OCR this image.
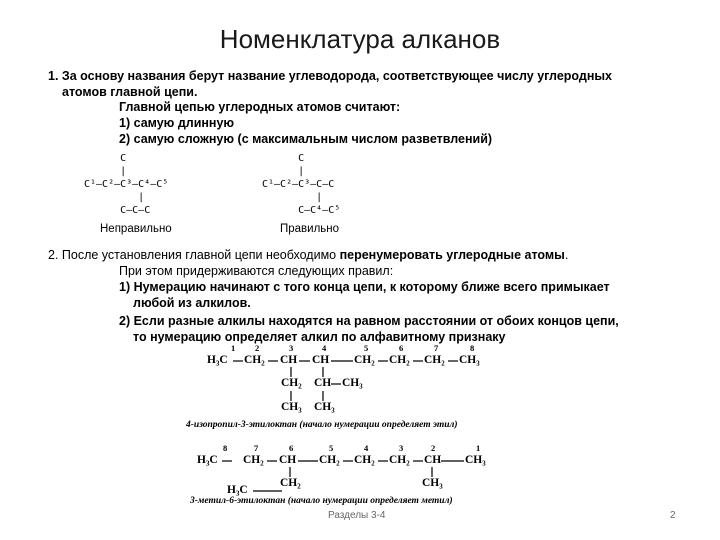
Номенклатура алканов
1. За основу названия берут название углеводорода, соответствующее числу углеродных
атомов главной цепи.
Главной цепью углеродных атомов считают:
1) самую длинную
2) самую сложную (с максимальным числом разветвлений)
C
|
C¹—C²—C³—C⁴—C⁵
|
C—C—C
Неправильно
C
|
C¹—C²—C³—C—C
|
C—C⁴—C⁵
Правильно
2. После установления главной цепи необходимо перенумеровать углеродные атомы.
При этом придерживаются следующих правил:
1) Нумерацию начинают с того конца цепи, к которому ближе всего примыкает
любой из алкилов.
2) Если разные алкилы находятся на равном расстоянии от обоих концов цепи,
то нумерацию определяет алкил по алфавитному признаку
1 2	3	4	5	6	7	8
H₃C CH₂ CH CH CH₂ CH₂ CH₂ CH₃
CH₂
CH₃
CH CH₃
CH₃
4-изопропил-3-этилоктан (начало нумерации определяет этил)
8	7	6	5	4	3	2	1
H₃C CH₂ CH CH₂ CH₂ CH₂ CH CH₃
CH₂
H₃C
CH₃
3-метил-6-этилоктан (начало нумерации определяет метил)
Разделы 3-4	2
